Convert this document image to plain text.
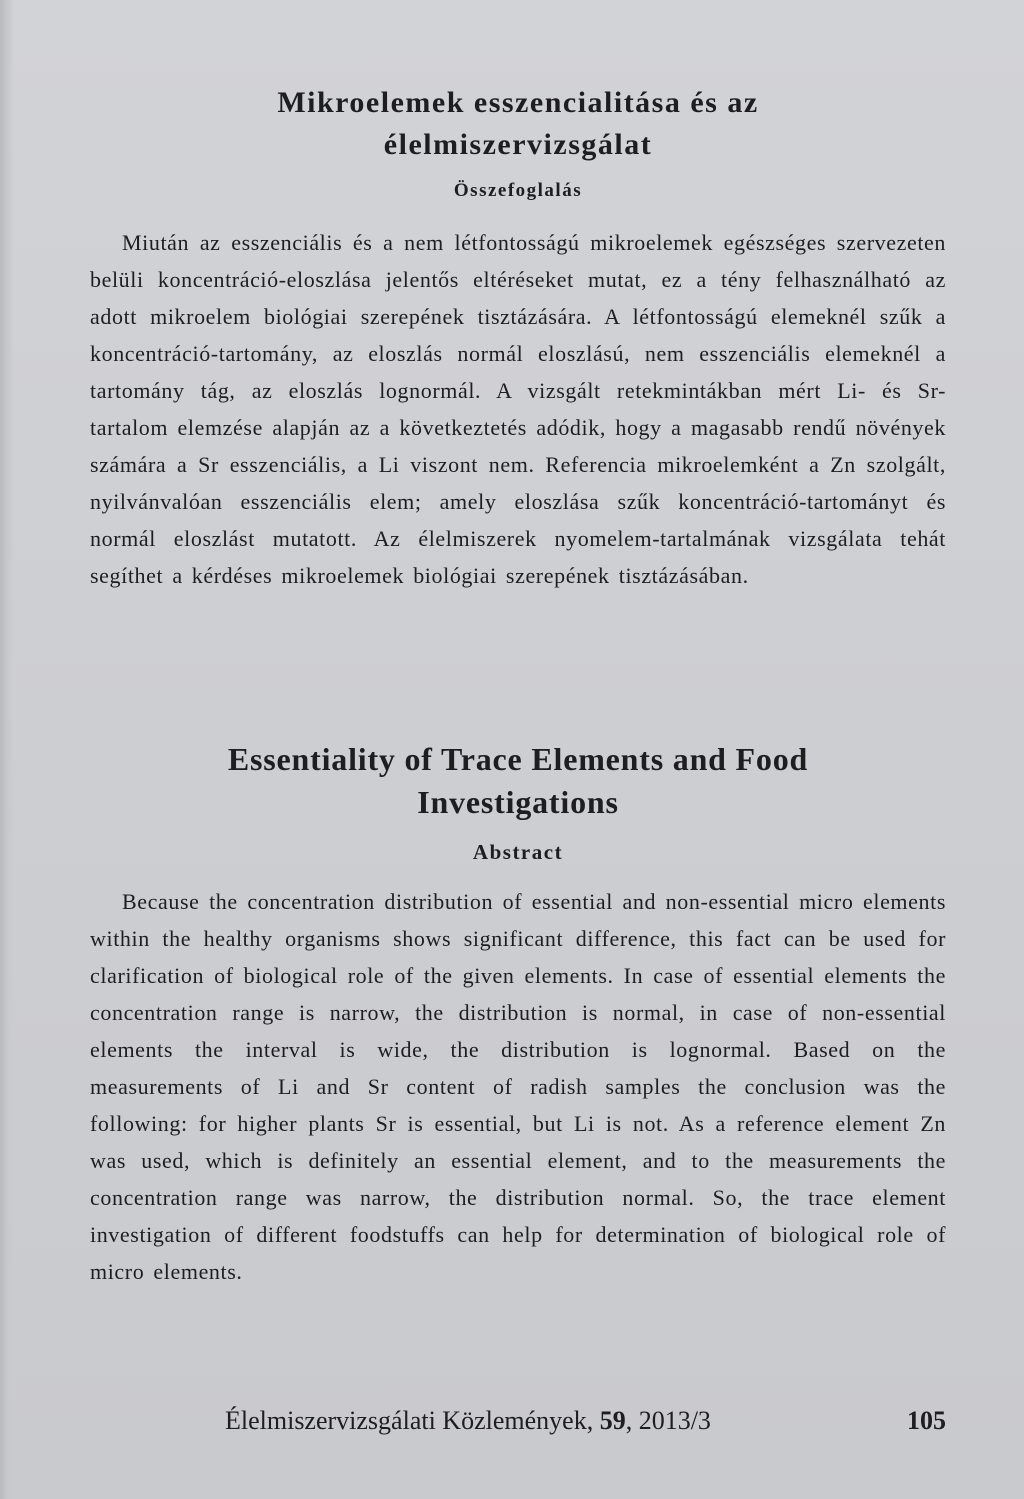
Mikroelemek esszencialitása és az
élelmiszervizsgálat
Összefoglalás

Miután az esszenciális és a nem létfontosságú mikroelemek egészséges szervezeten belüli koncentráció-eloszlása jelentős eltéréseket mutat, ez a tény felhasználható az adott mikroelem biológiai szerepének tisztázására. A létfontosságú elemeknél szűk a koncentráció-tartomány, az eloszlás normál eloszlású, nem esszenciális elemeknél a tartomány tág, az eloszlás lognormál. A vizsgált retekmintákban mért Li- és Sr-tartalom elemzése alapján az a következtetés adódik, hogy a magasabb rendű növények számára a Sr esszenciális, a Li viszont nem. Referencia mikroelemként a Zn szolgált, nyilvánvalóan esszenciális elem; amely eloszlása szűk koncentráció-tartományt és normál eloszlást mutatott. Az élelmiszerek nyomelem-tartalmának vizsgálata tehát segíthet a kérdéses mikroelemek biológiai szerepének tisztázásában.

Essentiality of Trace Elements and Food
Investigations
Abstract

Because the concentration distribution of essential and non-essential micro elements within the healthy organisms shows significant difference, this fact can be used for clarification of biological role of the given elements. In case of essential elements the concentration range is narrow, the distribution is normal, in case of non-essential elements the interval is wide, the distribution is lognormal. Based on the measurements of Li and Sr content of radish samples the conclusion was the following: for higher plants Sr is essential, but Li is not. As a reference element Zn was used, which is definitely an essential element, and to the measurements the concentration range was narrow, the distribution normal. So, the trace element investigation of different foodstuffs can help for determination of biological role of micro elements.

Élelmiszervizsgálati Közlemények, 59, 2013/3	105
